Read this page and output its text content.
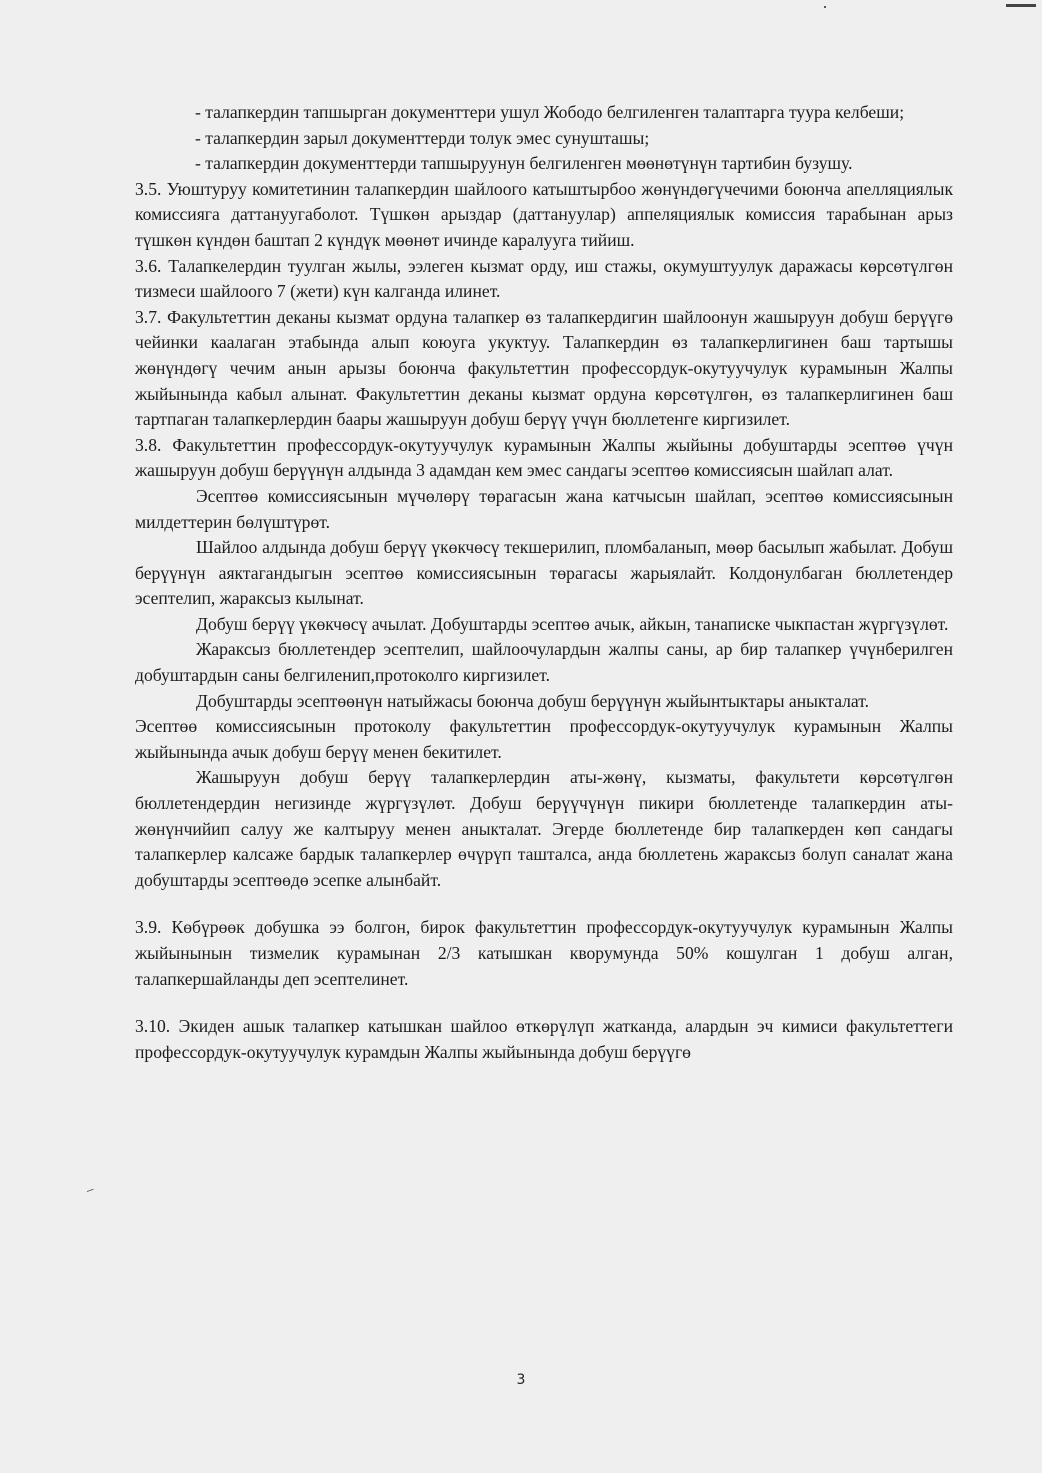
- талапкердин тапшырган документтери ушул Жободо белгиленген талаптарга туура келбеши;

- талапкердин зарыл документтерди толук эмес сунушташы;

- талапкердин документтерди тапшыруунун белгиленген мөөнөтүнүн тартибин бузушу.

3.5. Уюштуруу комитетинин талапкердин шайлоого катыштырбоо жөнүндөгүчечими боюнча апелляциялык комиссияга даттануугаболот. Түшкөн арыздар (даттануулар) аппеляциялык комиссия тарабынан арыз түшкөн күндөн баштап 2 күндүк мөөнөт ичинде каралууга тийиш.

3.6. Талапкелердин туулган жылы, ээлеген кызмат орду, иш стажы, окумуштуулук даражасы көрсөтүлгөн тизмеси шайлоого 7 (жети) күн калганда илинет.

3.7. Факультеттин деканы кызмат ордуна талапкер өз талапкердигин шайлоонун жашыруун добуш берүүгө чейинки каалаган этабында алып коюуга укуктуу. Талапкердин өз талапкерлигинен баш тартышы жөнүндөгү чечим анын арызы боюнча факультеттин профессордук-окутуучулук курамынын Жалпы жыйынында кабыл алынат. Факультеттин деканы кызмат ордуна көрсөтүлгөн, өз талапкерлигинен баш тартпаган талапкерлердин баары жашыруун добуш берүү үчүн бюллетенге киргизилет.

3.8. Факультеттин профессордук-окутуучулук курамынын Жалпы жыйыны добуштарды эсептөө үчүн жашыруун добуш берүүнүн алдында 3 адамдан кем эмес сандагы эсептөө комиссиясын шайлап алат.

Эсептөө комиссиясынын мүчөлөрү төрагасын жана катчысын шайлап, эсептөө комиссиясынын милдеттерин бөлүштүрөт.

Шайлоо алдында добуш берүү үкөкчөсү текшерилип, пломбаланып, мөөр басылып жабылат. Добуш берүүнүн аяктагандыгын эсептөө комиссиясынын төрагасы жарыялайт. Колдонулбаган бюллетендер эсептелип, жараксыз кылынат.

Добуш берүү үкөкчөсү ачылат. Добуштарды эсептөө ачык, айкын, танаписке чыкпастан жүргүзүлөт.

Жараксыз бюллетендер эсептелип, шайлоочулардын жалпы саны, ар бир талапкер үчүнберилген добуштардын саны белгиленип,протоколго киргизилет.

Добуштарды эсептөөнүн натыйжасы боюнча добуш берүүнүн жыйынтыктары аныкталат.

Эсептөө комиссиясынын протоколу факультеттин профессордук-окутуучулук курамынын Жалпы жыйынында ачык добуш берүү менен бекитилет.

Жашыруун добуш берүү талапкерлердин аты-жөнү, кызматы, факультети көрсөтүлгөн бюллетендердин негизинде жүргүзүлөт. Добуш берүүчүнүн пикири бюллетенде талапкердин аты-жөнүнчийип салуу же калтыруу менен аныкталат. Эгерде бюллетенде бир талапкерден көп сандагы талапкерлер калсаже бардык талапкерлер өчүрүп ташталса, анда бюллетень жараксыз болуп саналат жана добуштарды эсептөөдө эсепке алынбайт.

3.9. Көбүрөөк добушка ээ болгон, бирок факультеттин профессордук-окутуучулук курамынын Жалпы жыйынынын тизмелик курамынан 2/3 катышкан кворумунда 50% кошулган 1 добуш алган, талапкершайланды деп эсептелинет.

3.10. Экиден ашык талапкер катышкан шайлоо өткөрүлүп жатканда, алардын эч кимиси факультеттеги профессордук-окутуучулук курамдын Жалпы жыйынында добуш берүүгө

3
